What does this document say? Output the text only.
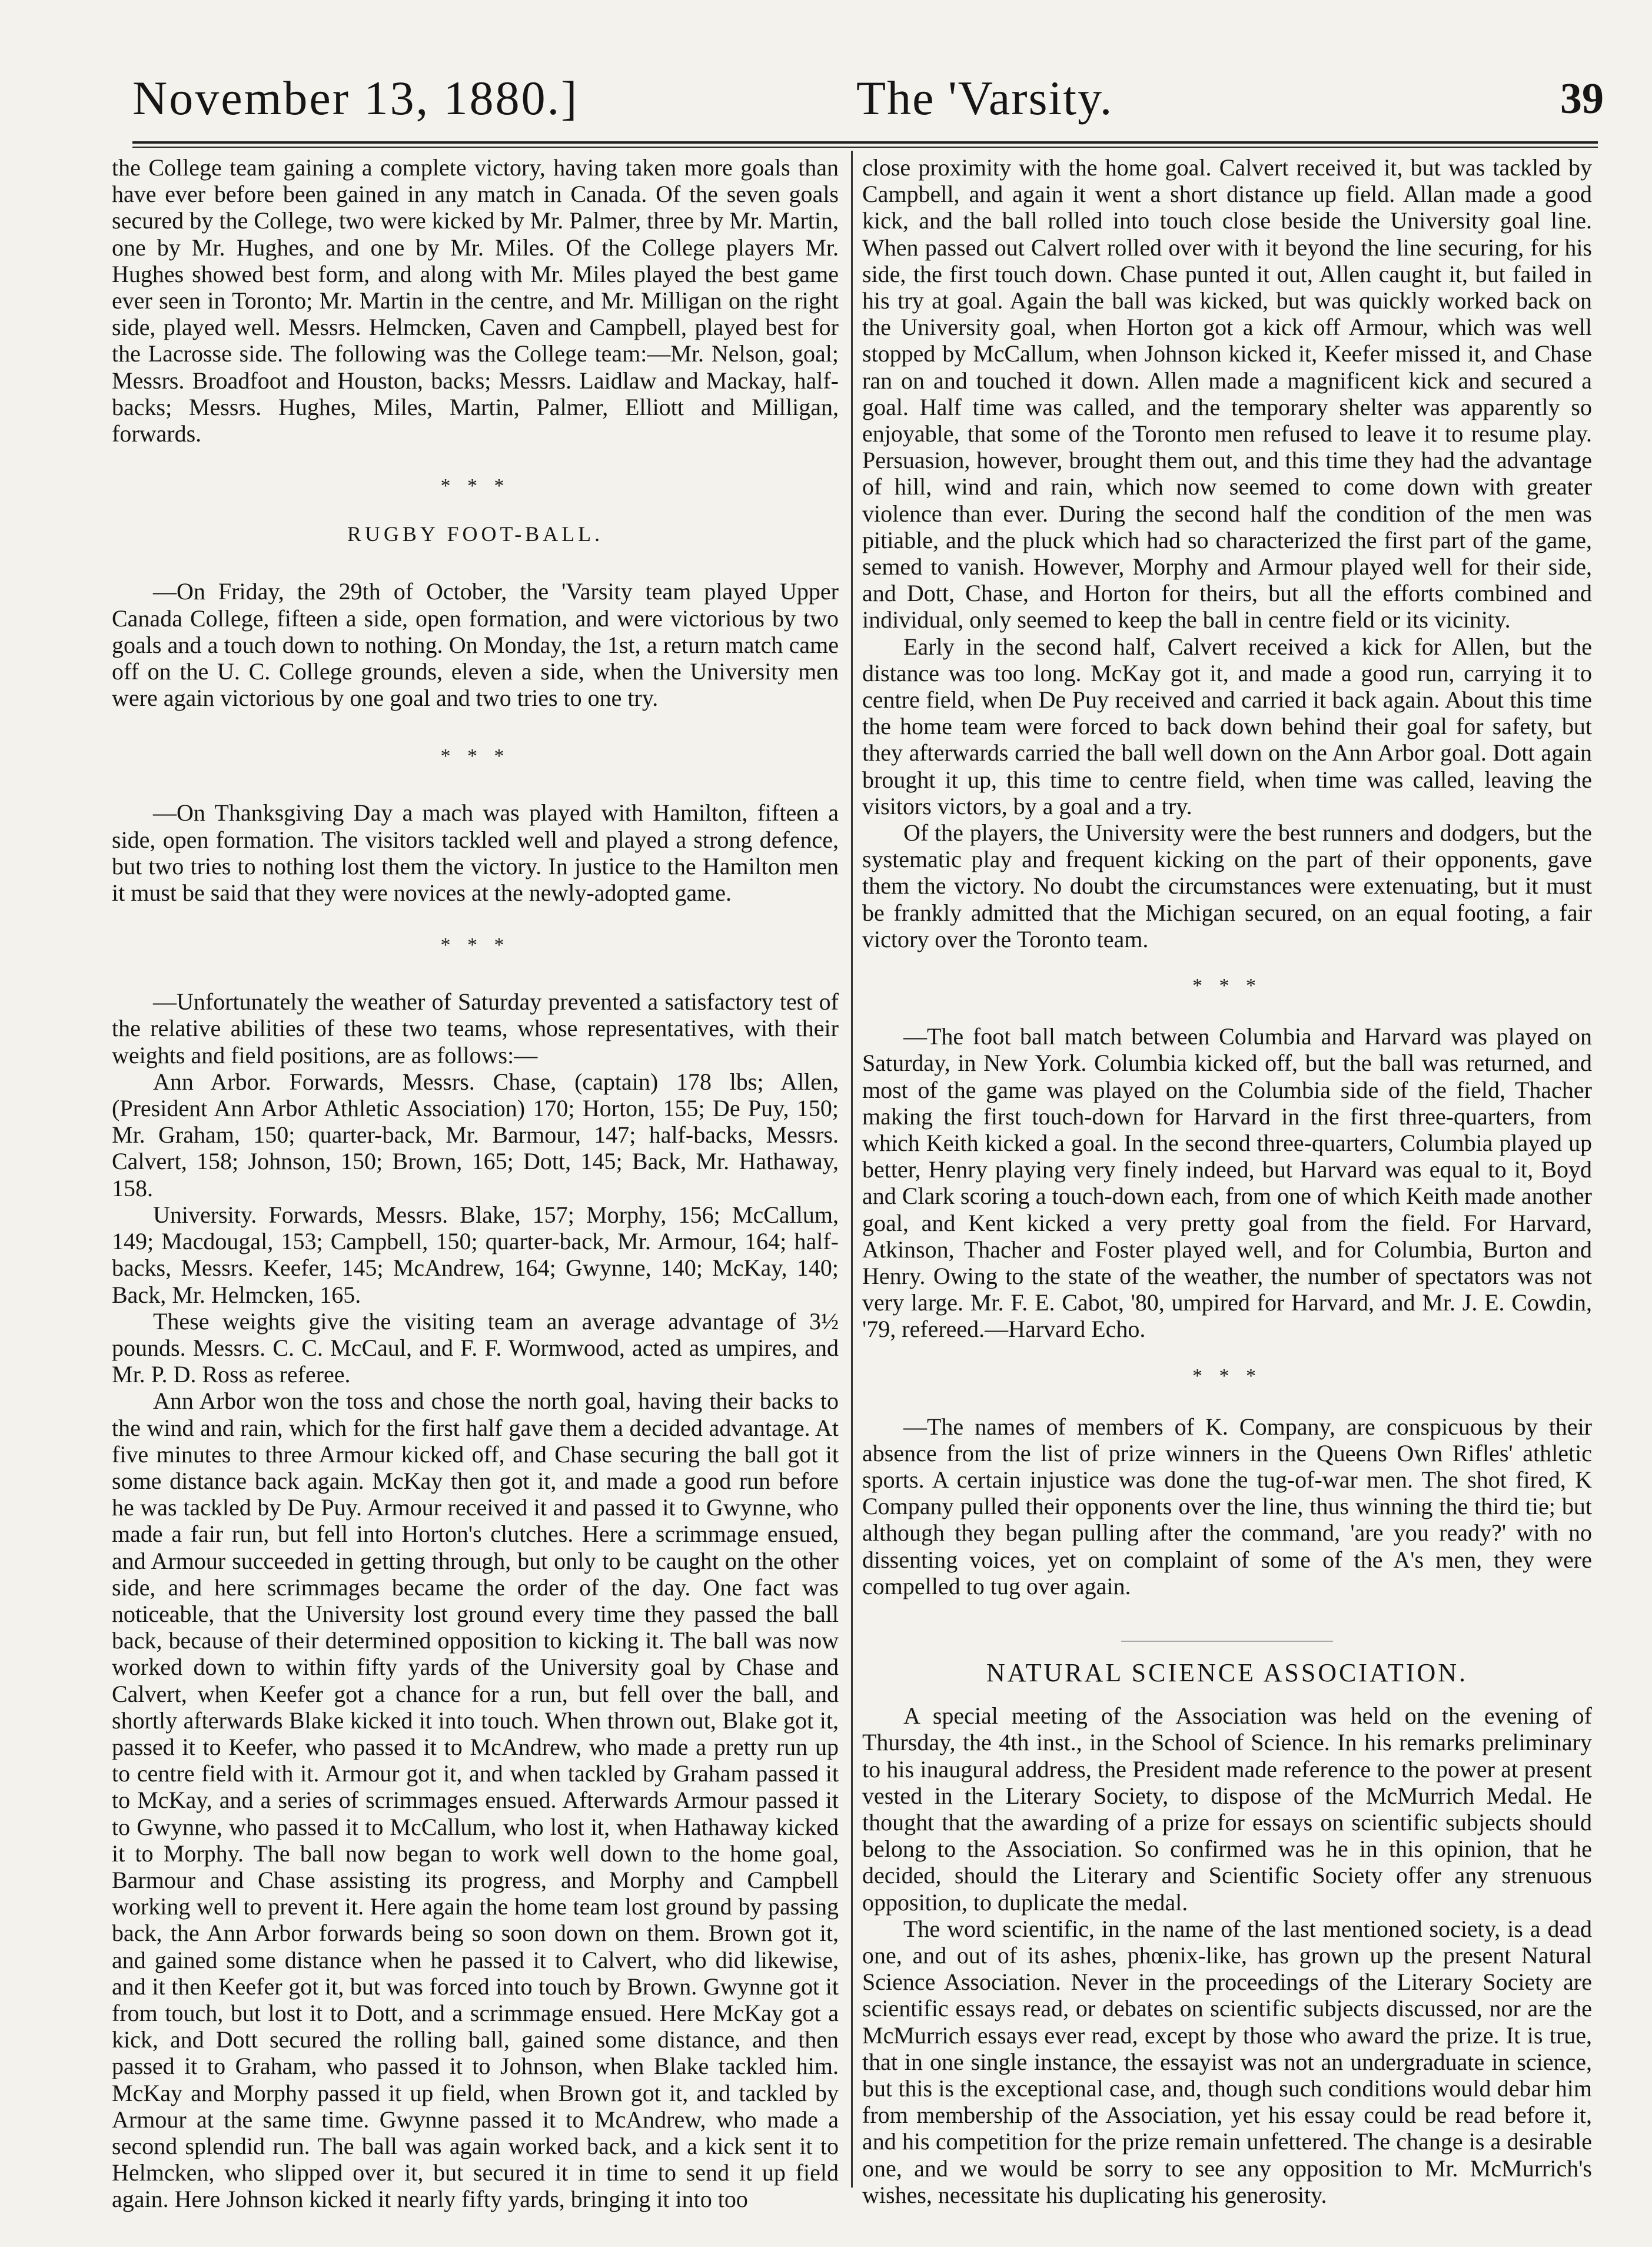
November 13, 1880.]	The 'Varsity.	39

the College team gaining a complete victory, having taken more goals than have ever before been gained in any match in Canada. Of the seven goals secured by the College, two were kicked by Mr. Palmer, three by Mr. Martin, one by Mr. Hughes, and one by Mr. Miles. Of the College players Mr. Hughes showed best form, and along with Mr. Miles played the best game ever seen in Toronto; Mr. Martin in the centre, and Mr. Milligan on the right side, played well. Messrs. Helmcken, Caven and Campbell, played best for the Lacrosse side. The following was the College team:—Mr. Nelson, goal; Messrs. Broadfoot and Houston, backs; Messrs. Laidlaw and Mackay, half-backs; Messrs. Hughes, Miles, Martin, Palmer, Elliott and Milligan, forwards.

* * *

RUGBY FOOT-BALL.

—On Friday, the 29th of October, the 'Varsity team played Upper Canada College, fifteen a side, open formation, and were victorious by two goals and a touch down to nothing. On Monday, the 1st, a return match came off on the U. C. College grounds, eleven a side, when the University men were again victorious by one goal and two tries to one try.

* * *

—On Thanksgiving Day a mach was played with Hamilton, fifteen a side, open formation. The visitors tackled well and played a strong defence, but two tries to nothing lost them the victory. In justice to the Hamilton men it must be said that they were novices at the newly-adopted game.

* * *

—Unfortunately the weather of Saturday prevented a satisfactory test of the relative abilities of these two teams, whose representatives, with their weights and field positions, are as follows:—

Ann Arbor. Forwards, Messrs. Chase, (captain) 178 lbs; Allen, (President Ann Arbor Athletic Association) 170; Horton, 155; De Puy, 150; Mr. Graham, 150; quarter-back, Mr. Barmour, 147; half-backs, Messrs. Calvert, 158; Johnson, 150; Brown, 165; Dott, 145; Back, Mr. Hathaway, 158.

University. Forwards, Messrs. Blake, 157; Morphy, 156; McCallum, 149; Macdougal, 153; Campbell, 150; quarter-back, Mr. Armour, 164; half-backs, Messrs. Keefer, 145; McAndrew, 164; Gwynne, 140; McKay, 140; Back, Mr. Helmcken, 165.

These weights give the visiting team an average advantage of 3½ pounds. Messrs. C. C. McCaul, and F. F. Wormwood, acted as umpires, and Mr. P. D. Ross as referee.

Ann Arbor won the toss and chose the north goal, having their backs to the wind and rain, which for the first half gave them a decided advantage. At five minutes to three Armour kicked off, and Chase securing the ball got it some distance back again. McKay then got it, and made a good run before he was tackled by De Puy. Armour received it and passed it to Gwynne, who made a fair run, but fell into Horton's clutches. Here a scrimmage ensued, and Armour succeeded in getting through, but only to be caught on the other side, and here scrimmages became the order of the day. One fact was noticeable, that the University lost ground every time they passed the ball back, because of their determined opposition to kicking it. The ball was now worked down to within fifty yards of the University goal by Chase and Calvert, when Keefer got a chance for a run, but fell over the ball, and shortly afterwards Blake kicked it into touch. When thrown out, Blake got it, passed it to Keefer, who passed it to McAndrew, who made a pretty run up to centre field with it. Armour got it, and when tackled by Graham passed it to McKay, and a series of scrimmages ensued. Afterwards Armour passed it to Gwynne, who passed it to McCallum, who lost it, when Hathaway kicked it to Morphy. The ball now began to work well down to the home goal, Barmour and Chase assisting its progress, and Morphy and Campbell working well to prevent it. Here again the home team lost ground by passing back, the Ann Arbor forwards being so soon down on them. Brown got it, and gained some distance when he passed it to Calvert, who did likewise, and it then Keefer got it, but was forced into touch by Brown. Gwynne got it from touch, but lost it to Dott, and a scrimmage ensued. Here McKay got a kick, and Dott secured the rolling ball, gained some distance, and then passed it to Graham, who passed it to Johnson, when Blake tackled him. McKay and Morphy passed it up field, when Brown got it, and tackled by Armour at the same time. Gwynne passed it to McAndrew, who made a second splendid run. The ball was again worked back, and a kick sent it to Helmcken, who slipped over it, but secured it in time to send it up field again. Here Johnson kicked it nearly fifty yards, bringing it into too

close proximity with the home goal. Calvert received it, but was tackled by Campbell, and again it went a short distance up field. Allan made a good kick, and the ball rolled into touch close beside the University goal line. When passed out Calvert rolled over with it beyond the line securing, for his side, the first touch down. Chase punted it out, Allen caught it, but failed in his try at goal. Again the ball was kicked, but was quickly worked back on the University goal, when Horton got a kick off Armour, which was well stopped by McCallum, when Johnson kicked it, Keefer missed it, and Chase ran on and touched it down. Allen made a magnificent kick and secured a goal. Half time was called, and the temporary shelter was apparently so enjoyable, that some of the Toronto men refused to leave it to resume play. Persuasion, however, brought them out, and this time they had the advantage of hill, wind and rain, which now seemed to come down with greater violence than ever. During the second half the condition of the men was pitiable, and the pluck which had so characterized the first part of the game, semed to vanish. However, Morphy and Armour played well for their side, and Dott, Chase, and Horton for theirs, but all the efforts combined and individual, only seemed to keep the ball in centre field or its vicinity.

Early in the second half, Calvert received a kick for Allen, but the distance was too long. McKay got it, and made a good run, carrying it to centre field, when De Puy received and carried it back again. About this time the home team were forced to back down behind their goal for safety, but they afterwards carried the ball well down on the Ann Arbor goal. Dott again brought it up, this time to centre field, when time was called, leaving the visitors victors, by a goal and a try.

Of the players, the University were the best runners and dodgers, but the systematic play and frequent kicking on the part of their opponents, gave them the victory. No doubt the circumstances were extenuating, but it must be frankly admitted that the Michigan secured, on an equal footing, a fair victory over the Toronto team.

* * *

—The foot ball match between Columbia and Harvard was played on Saturday, in New York. Columbia kicked off, but the ball was returned, and most of the game was played on the Columbia side of the field, Thacher making the first touch-down for Harvard in the first three-quarters, from which Keith kicked a goal. In the second three-quarters, Columbia played up better, Henry playing very finely indeed, but Harvard was equal to it, Boyd and Clark scoring a touch-down each, from one of which Keith made another goal, and Kent kicked a very pretty goal from the field. For Harvard, Atkinson, Thacher and Foster played well, and for Columbia, Burton and Henry. Owing to the state of the weather, the number of spectators was not very large. Mr. F. E. Cabot, '80, umpired for Harvard, and Mr. J. E. Cowdin, '79, refereed.—Harvard Echo.

* * *

—The names of members of K. Company, are conspicuous by their absence from the list of prize winners in the Queens Own Rifles' athletic sports. A certain injustice was done the tug-of-war men. The shot fired, K Company pulled their opponents over the line, thus winning the third tie; but although they began pulling after the command, 'are you ready?' with no dissenting voices, yet on complaint of some of the A's men, they were compelled to tug over again.

NATURAL SCIENCE ASSOCIATION.

A special meeting of the Association was held on the evening of Thursday, the 4th inst., in the School of Science. In his remarks preliminary to his inaugural address, the President made reference to the power at present vested in the Literary Society, to dispose of the McMurrich Medal. He thought that the awarding of a prize for essays on scientific subjects should belong to the Association. So confirmed was he in this opinion, that he decided, should the Literary and Scientific Society offer any strenuous opposition, to duplicate the medal.

The word scientific, in the name of the last mentioned society, is a dead one, and out of its ashes, phœnix-like, has grown up the present Natural Science Association. Never in the proceedings of the Literary Society are scientific essays read, or debates on scientific subjects discussed, nor are the McMurrich essays ever read, except by those who award the prize. It is true, that in one single instance, the essayist was not an undergraduate in science, but this is the exceptional case, and, though such conditions would debar him from membership of the Association, yet his essay could be read before it, and his competition for the prize remain unfettered. The change is a desirable one, and we would be sorry to see any opposition to Mr. McMurrich's wishes, necessitate his duplicating his generosity.
